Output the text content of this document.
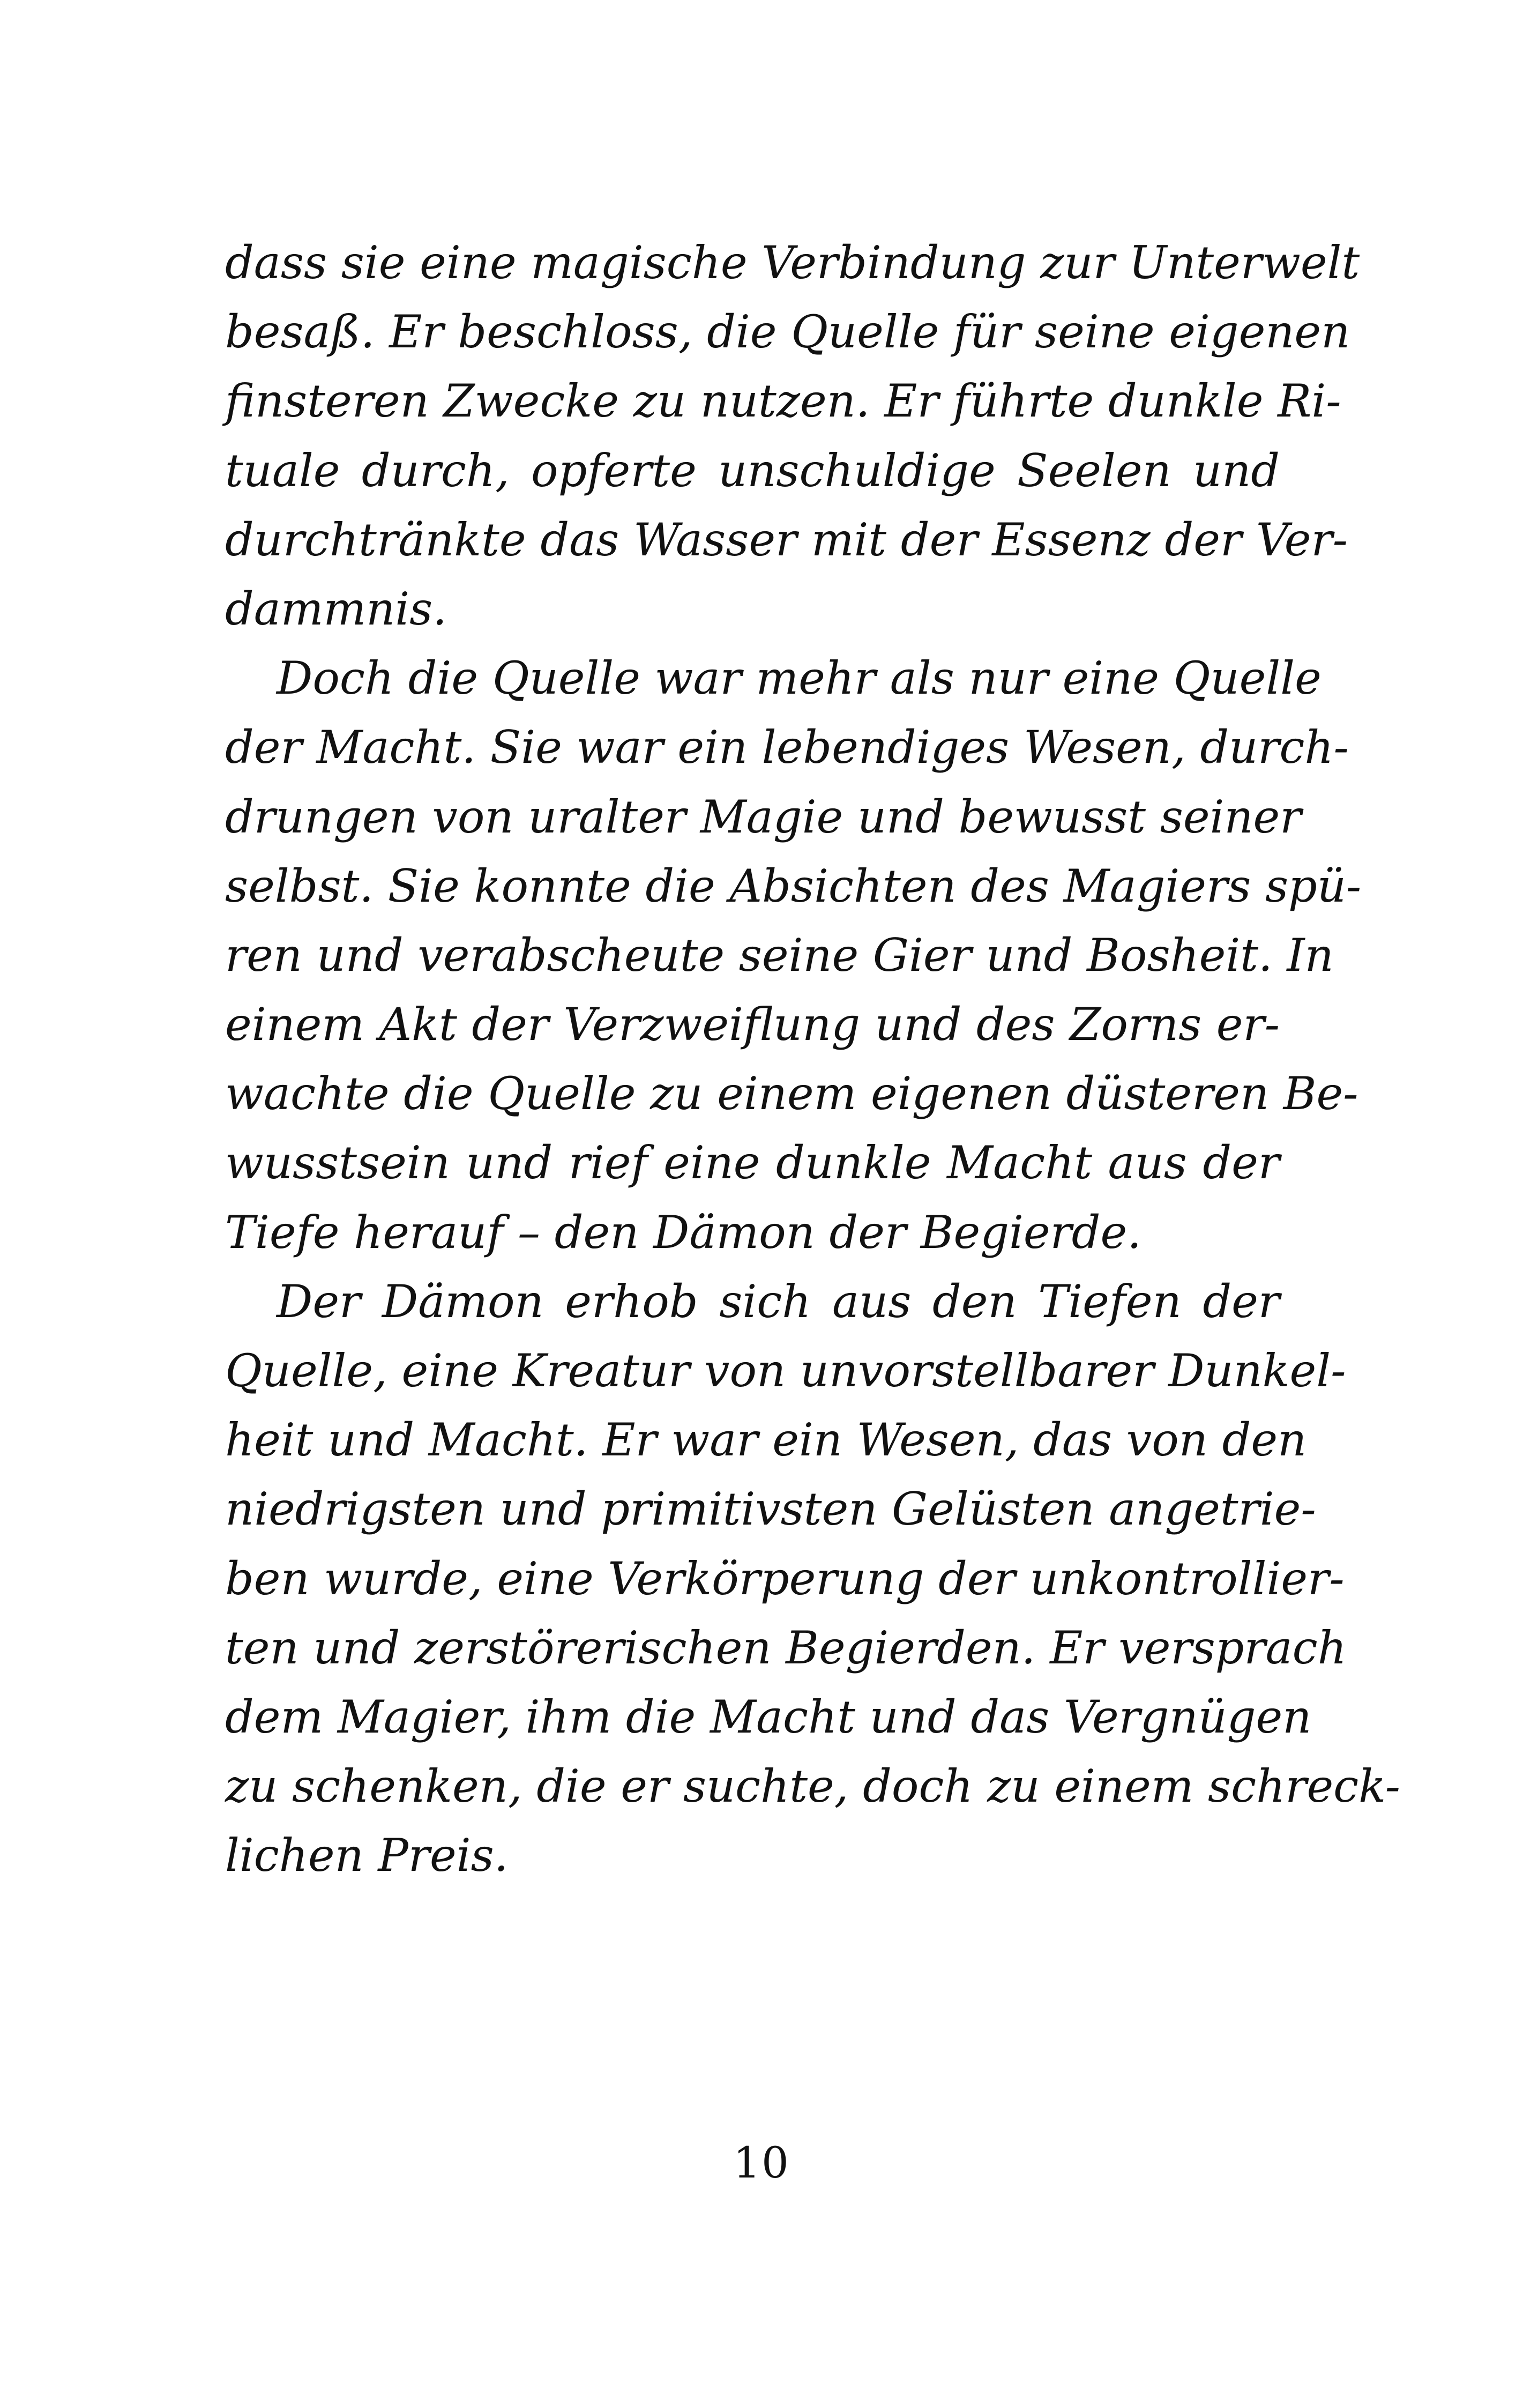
dass sie eine magische Verbindung zur Unterwelt
besaß. Er beschloss, die Quelle für seine eigenen
finsteren Zwecke zu nutzen. Er führte dunkle Ri-
tuale durch, opferte unschuldige Seelen und
durchtränkte das Wasser mit der Essenz der Ver-
dammnis.

Doch die Quelle war mehr als nur eine Quelle
der Macht. Sie war ein lebendiges Wesen, durch-
drungen von uralter Magie und bewusst seiner
selbst. Sie konnte die Absichten des Magiers spü-
ren und verabscheute seine Gier und Bosheit. In
einem Akt der Verzweiflung und des Zorns er-
wachte die Quelle zu einem eigenen düsteren Be-
wusstsein und rief eine dunkle Macht aus der
Tiefe herauf – den Dämon der Begierde.

Der Dämon erhob sich aus den Tiefen der
Quelle, eine Kreatur von unvorstellbarer Dunkel-
heit und Macht. Er war ein Wesen, das von den
niedrigsten und primitivsten Gelüsten angetrie-
ben wurde, eine Verkörperung der unkontrollier-
ten und zerstörerischen Begierden. Er versprach
dem Magier, ihm die Macht und das Vergnügen
zu schenken, die er suchte, doch zu einem schreck-
lichen Preis.

10
